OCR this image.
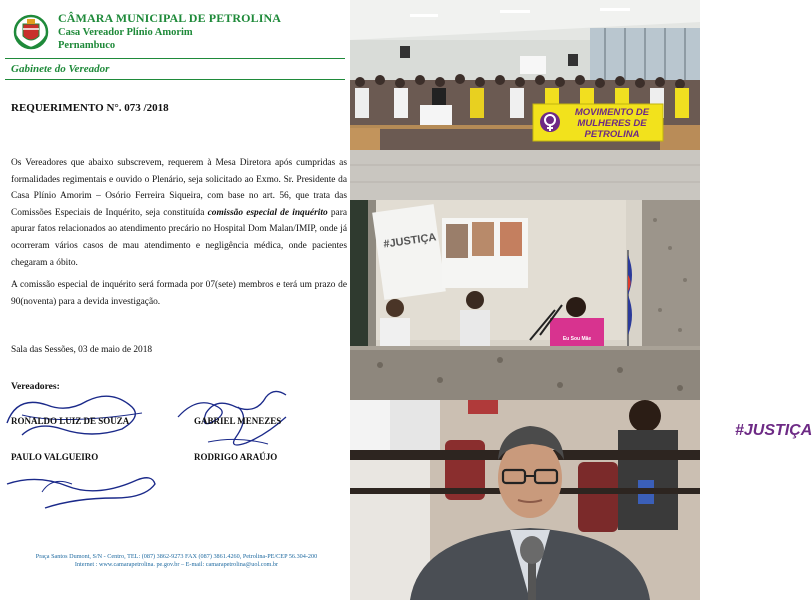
CÂMARA MUNICIPAL DE PETROLINA
Casa Vereador Plínio Amorim
Pernambuco
Gabinete do Vereador
REQUERIMENTO N°. 073 /2018
Os Vereadores que abaixo subscrevem, requerem à Mesa Diretora após cumpridas as formalidades regimentais e ouvido o Plenário, seja solicitado ao Exmo. Sr. Presidente da Casa Plínio Amorim – Osório Ferreira Siqueira, com base no art. 56, que trata das Comissões Especiais de Inquérito, seja constituída comissão especial de inquérito para apurar fatos relacionados ao atendimento precário no Hospital Dom Malan/IMIP, onde já ocorreram vários casos de mau atendimento e negligência médica, onde pacientes chegaram a óbito.
A comissão especial de inquérito será formada por 07(sete) membros e terá um prazo de 90(noventa) para a devida investigação.
Sala das Sessões, 03 de maio de 2018
Vereadores:
RONALDO LUIZ DE SOUZA	GABRIEL MENEZES
PAULO VALGUEIRO	RODRIGO ARAÚJO
Praça Santos Dumont, S/N - Centro, TEL: (087) 3862-9273 FAX (087) 3861.4260, Petrolina-PE/CEP 56.304-200
Internet : www.camarapetrolina. pe.gov.br – E-mail: camarapetrolina@uol.com.br
MOVIMENTO DE
MULHERES DE
PETROLINA
#JUSTIÇA
#JUSTIÇA
Eu Sou Mãe
